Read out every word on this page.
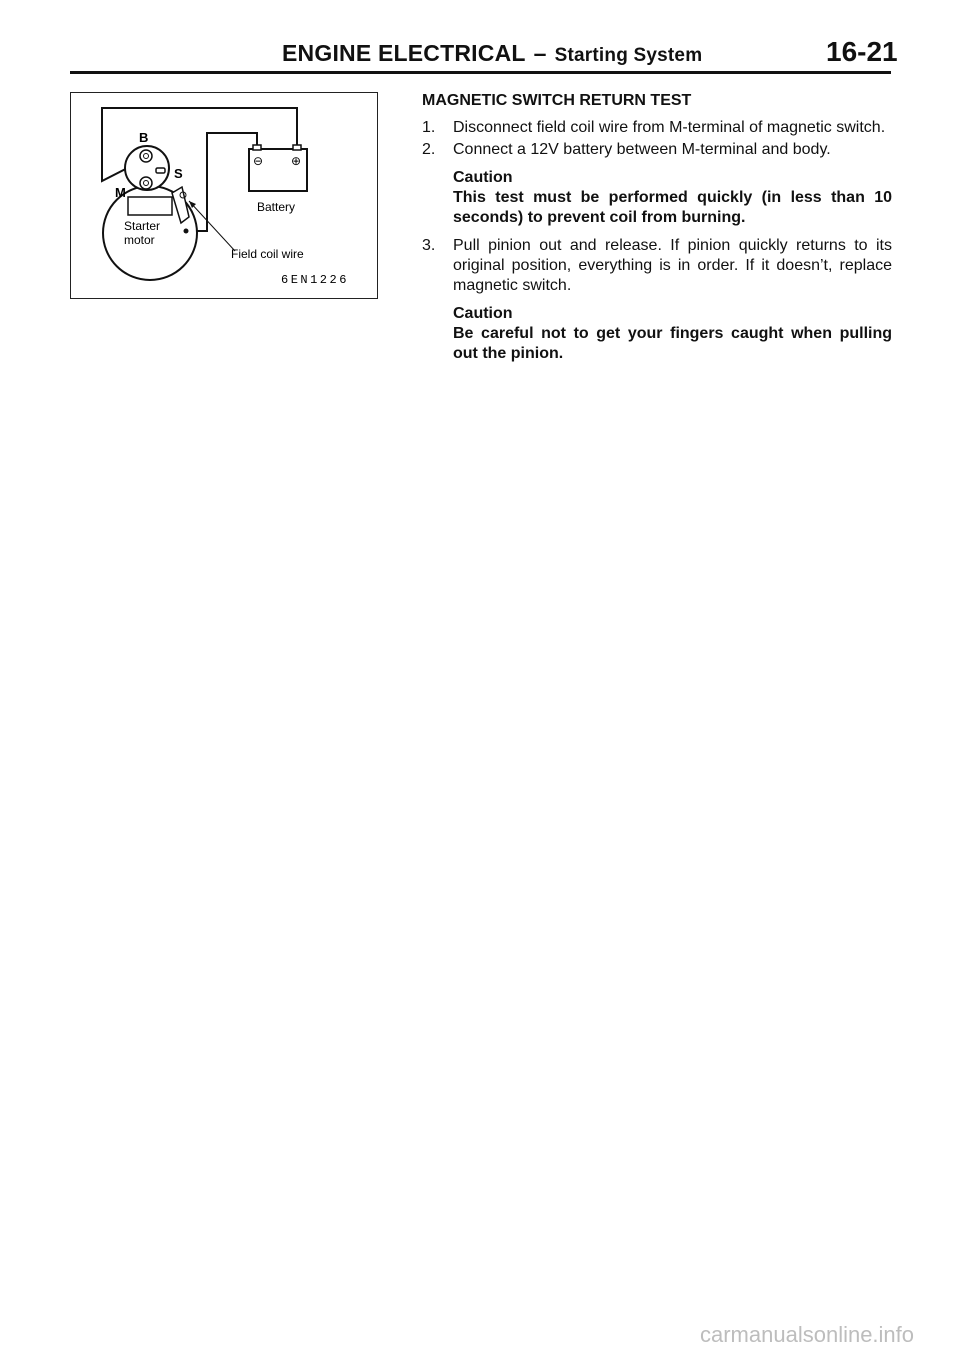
ENGINE ELECTRICAL – Starting System	16-21
B
S
M
Starter
motor
Battery
Field coil wire
⊖ ⊕
6EN1226
MAGNETIC SWITCH RETURN TEST
1. Disconnect field coil wire from M-terminal of magnetic switch.
2. Connect a 12V battery between M-terminal and body.
Caution
This test must be performed quickly (in less than 10 seconds) to prevent coil from burning.
3. Pull pinion out and release. If pinion quickly returns to its original position, everything is in order. If it doesn’t, replace magnetic switch.
Caution
Be careful not to get your fingers caught when pulling out the pinion.
carmanualsonline.info
